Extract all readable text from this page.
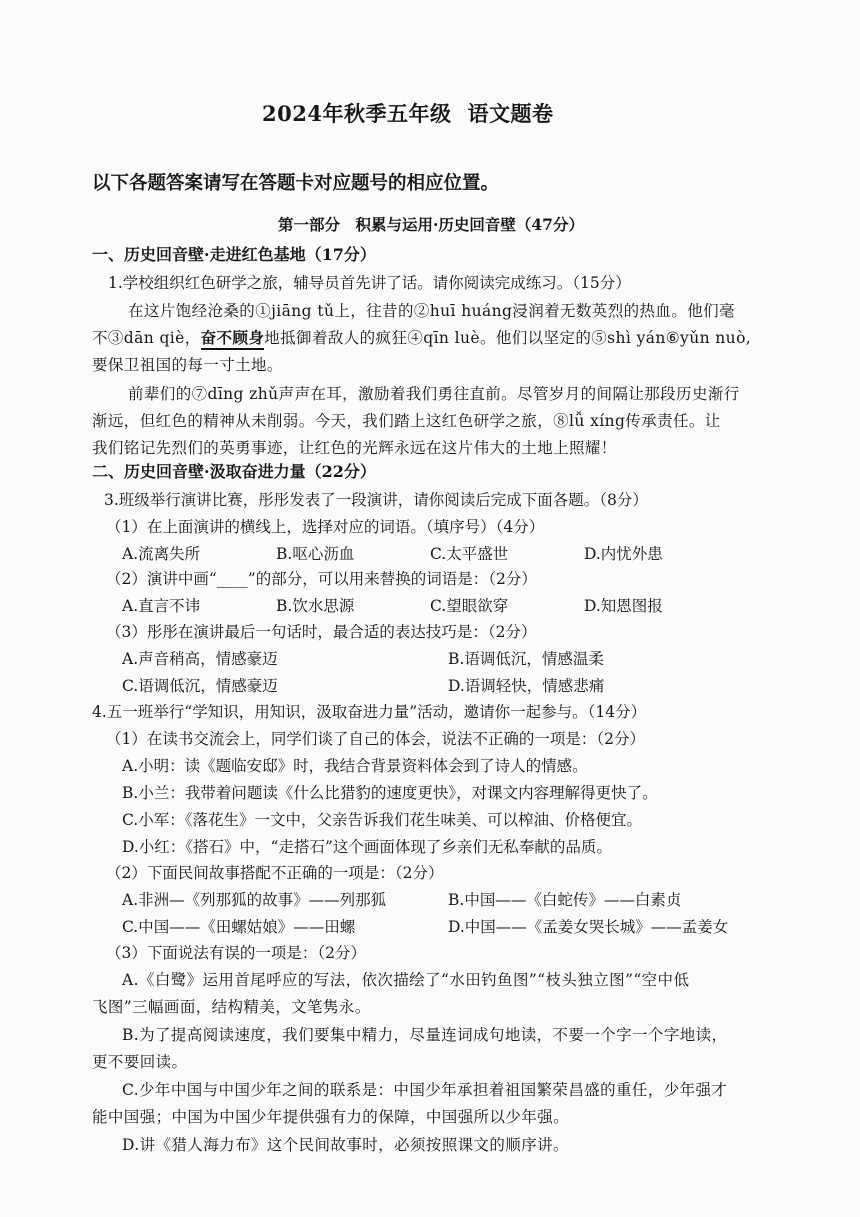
2024年秋季五年级 语文题卷
以下各题答案请写在答题卡对应题号的相应位置。
第一部分　积累与运用·历史回音壁（47分）
一、历史回音壁·走进红色基地（17分）
1.学校组织红色研学之旅，辅导员首先讲了话。请你阅读完成练习。（15分）
在这片饱经沧桑的①jiāng tǔ上，往昔的②huī huáng浸润着无数英烈的热血。他们毫
不③dān qiè，奋不顾身地抵御着敌人的疯狂④qīn luè。他们以坚定的⑤shì yán⑥yǔn nuò,
要保卫祖国的每一寸土地。
前辈们的⑦dīng zhǔ声声在耳，激励着我们勇往直前。尽管岁月的间隔让那段历史渐行
渐远，但红色的精神从未削弱。今天，我们踏上这红色研学之旅，⑧lǚ xíng传承责任。让
我们铭记先烈们的英勇事迹，让红色的光辉永远在这片伟大的土地上照耀！
二、历史回音壁·汲取奋进力量（22分）
3.班级举行演讲比赛，彤彤发表了一段演讲，请你阅读后完成下面各题。（8分）
（1）在上面演讲的横线上，选择对应的词语。（填序号）（4分）
A.流离失所	B.呕心沥血	C.太平盛世	D.内忧外患
（2）演讲中画“____”的部分，可以用来替换的词语是：（2分）
A.直言不讳	B.饮水思源	C.望眼欲穿	D.知恩图报
（3）彤彤在演讲最后一句话时，最合适的表达技巧是：（2分）
A.声音稍高，情感豪迈	B.语调低沉，情感温柔
C.语调低沉，情感豪迈	D.语调轻快，情感悲痛
4.五一班举行“学知识，用知识，汲取奋进力量”活动，邀请你一起参与。（14分）
（1）在读书交流会上，同学们谈了自己的体会，说法不正确的一项是：（2分）
A.小明：读《题临安邸》时，我结合背景资料体会到了诗人的情感。
B.小兰：我带着问题读《什么比猎豹的速度更快》，对课文内容理解得更快了。
C.小军：《落花生》一文中，父亲告诉我们花生味美、可以榨油、价格便宜。
D.小红：《搭石》中，“走搭石”这个画面体现了乡亲们无私奉献的品质。
（2）下面民间故事搭配不正确的一项是：（2分）
A.非洲—《列那狐的故事》——列那狐	B.中国——《白蛇传》——白素贞
C.中国——《田螺姑娘》——田螺	D.中国——《孟姜女哭长城》——孟姜女
（3）下面说法有误的一项是：（2分）
A.《白鹭》运用首尾呼应的写法，依次描绘了“水田钓鱼图”“枝头独立图”“空中低
飞图”三幅画面，结构精美，文笔隽永。
B.为了提高阅读速度，我们要集中精力，尽量连词成句地读，不要一个字一个字地读，
更不要回读。
C.少年中国与中国少年之间的联系是：中国少年承担着祖国繁荣昌盛的重任，少年强才
能中国强；中国为中国少年提供强有力的保障，中国强所以少年强。
D.讲《猎人海力布》这个民间故事时，必须按照课文的顺序讲。
